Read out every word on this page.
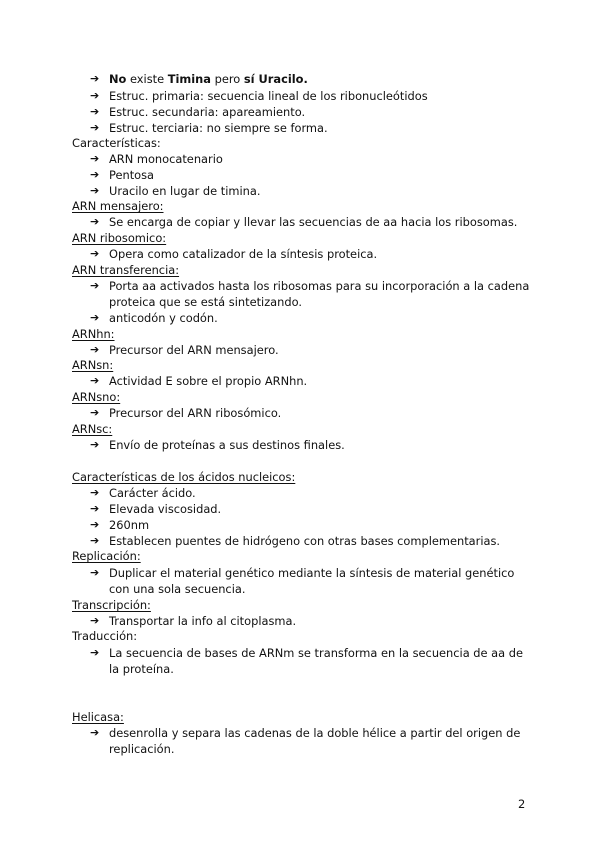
➔ No existe Timina pero sí Uracilo.
➔ Estruc. primaria: secuencia lineal de los ribonucleótidos
➔ Estruc. secundaria: apareamiento.
➔ Estruc. terciaria: no siempre se forma.
Características:
➔ ARN monocatenario
➔ Pentosa
➔ Uracilo en lugar de timina.
ARN mensajero:
➔ Se encarga de copiar y llevar las secuencias de aa hacia los ribosomas.
ARN ribosomico:
➔ Opera como catalizador de la síntesis proteica.
ARN transferencia:
➔ Porta aa activados hasta los ribosomas para su incorporación a la cadena proteica que se está sintetizando.
➔ anticodón y codón.
ARNhn:
➔ Precursor del ARN mensajero.
ARNsn:
➔ Actividad E sobre el propio ARNhn.
ARNsno:
➔ Precursor del ARN ribosómico.
ARNsc:
➔ Envío de proteínas a sus destinos finales.
Características de los ácidos nucleicos:
➔ Carácter ácido.
➔ Elevada viscosidad.
➔ 260nm
➔ Establecen puentes de hidrógeno con otras bases complementarias.
Replicación:
➔ Duplicar el material genético mediante la síntesis de material genético con una sola secuencia.
Transcripción:
➔ Transportar la info al citoplasma.
Traducción:
➔ La secuencia de bases de ARNm se transforma en la secuencia de aa de la proteína.
Helicasa:
➔ desenrolla y separa las cadenas de la doble hélice a partir del origen de replicación.
2
